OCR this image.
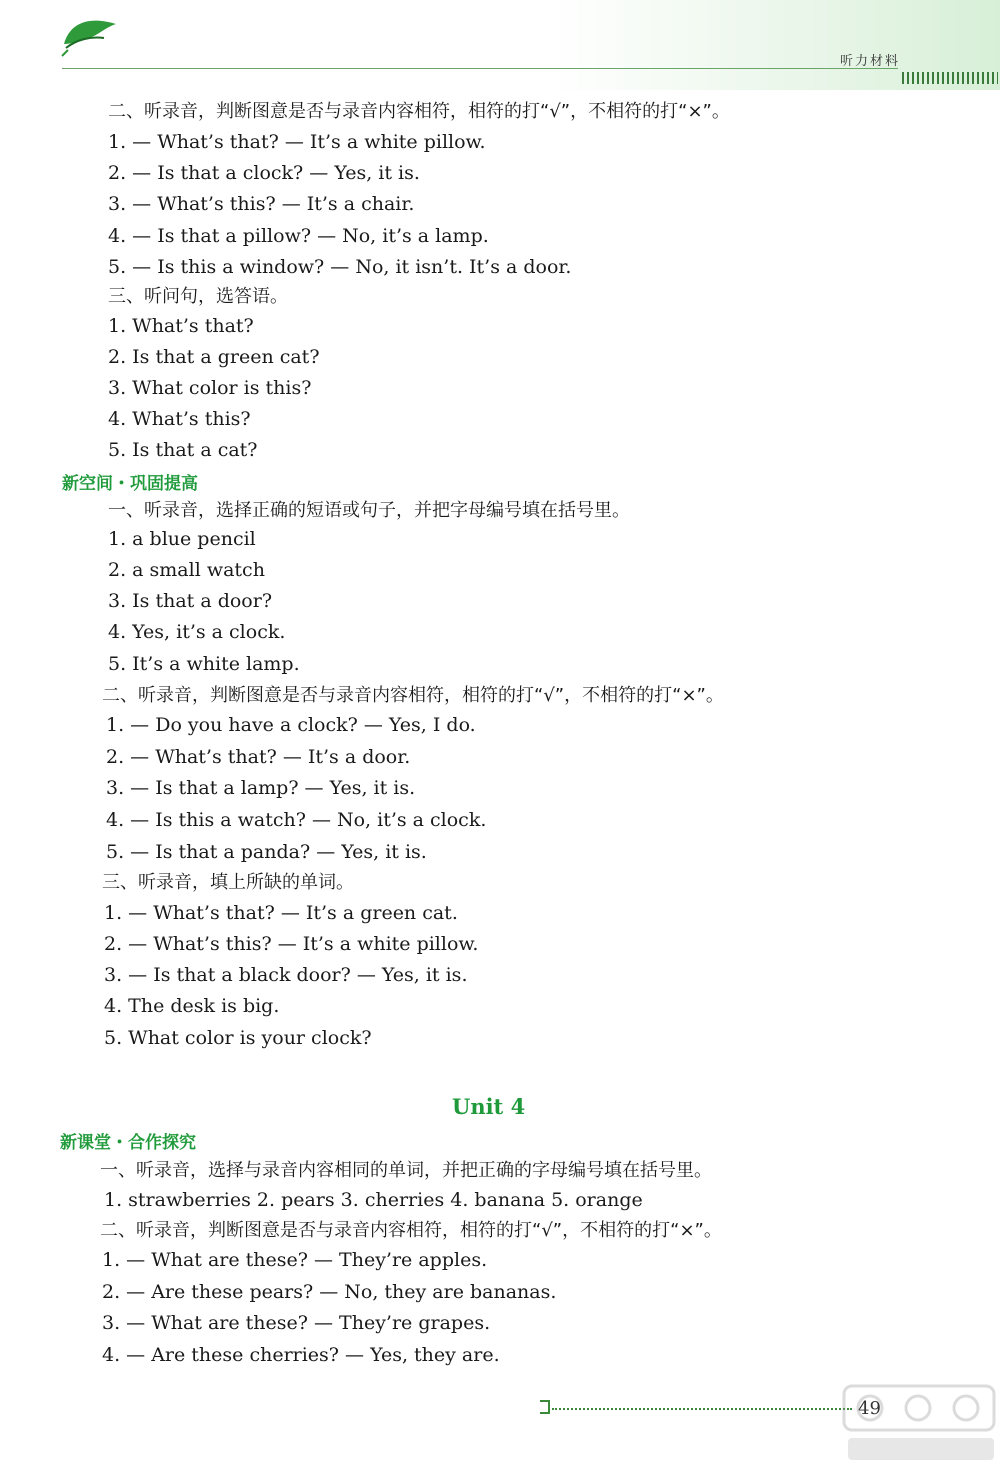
听力材料
二、听录音，判断图意是否与录音内容相符，相符的打“√”，不相符的打“×”。
1. — What’s that? — It’s a white pillow.
2. — Is that a clock? — Yes, it is.
3. — What’s this? — It’s a chair.
4. — Is that a pillow? — No, it’s a lamp.
5. — Is this a window? — No, it isn’t. It’s a door.
三、听问句，选答语。
1. What’s that?
2. Is that a green cat?
3. What color is this?
4. What’s this?
5. Is that a cat?
新空间・巩固提高
一、听录音，选择正确的短语或句子，并把字母编号填在括号里。
1. a blue pencil
2. a small watch
3. Is that a door?
4. Yes, it’s a clock.
5. It’s a white lamp.
二、听录音，判断图意是否与录音内容相符，相符的打“√”，不相符的打“×”。
1. — Do you have a clock? — Yes, I do.
2. — What’s that? — It’s a door.
3. — Is that a lamp? — Yes, it is.
4. — Is this a watch? — No, it’s a clock.
5. — Is that a panda? — Yes, it is.
三、听录音，填上所缺的单词。
1. — What’s that? — It’s a green cat.
2. — What’s this? — It’s a white pillow.
3. — Is that a black door? — Yes, it is.
4. The desk is big.
5. What color is your clock?
Unit 4
新课堂・合作探究
一、听录音，选择与录音内容相同的单词，并把正确的字母编号填在括号里。
1. strawberries 2. pears 3. cherries 4. banana 5. orange
二、听录音，判断图意是否与录音内容相符，相符的打“√”，不相符的打“×”。
1. — What are these? — They’re apples.
2. — Are these pears? — No, they are bananas.
3. — What are these? — They’re grapes.
4. — Are these cherries? — Yes, they are.
49
